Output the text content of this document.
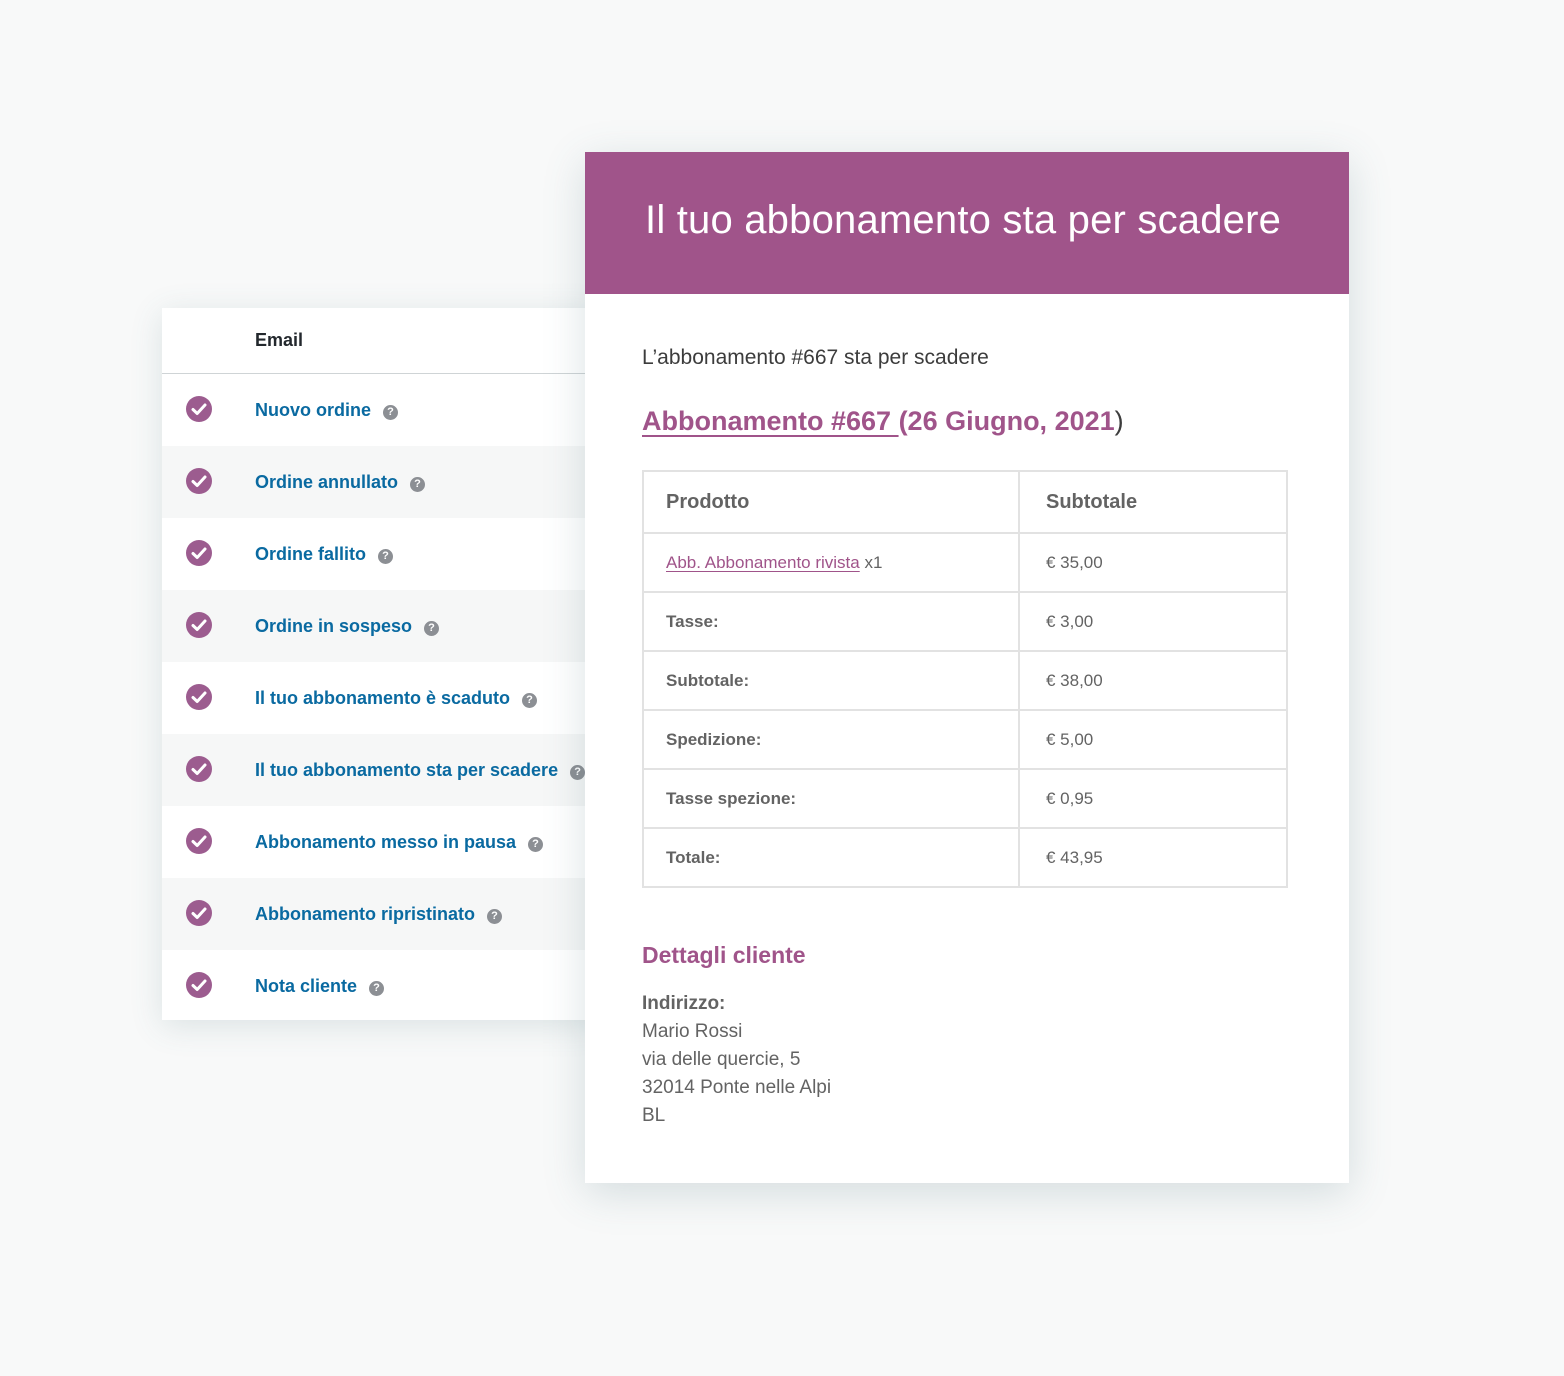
Email
Nuovo ordine ?
Ordine annullato ?
Ordine fallito ?
Ordine in sospeso ?
Il tuo abbonamento è scaduto ?
Il tuo abbonamento sta per scadere ?
Abbonamento messo in pausa ?
Abbonamento ripristinato ?
Nota cliente ?
Il tuo abbonamento sta per scadere
L’abbonamento #667 sta per scadere
Abbonamento #667 (26 Giugno, 2021)
Prodotto	Subtotale
Abb. Abbonamento rivista x1	€ 35,00
Tasse:	€ 3,00
Subtotale:	€ 38,00
Spedizione:	€ 5,00
Tasse spezione:	€ 0,95
Totale:	€ 43,95
Dettagli cliente
Indirizzo:
Mario Rossi
via delle quercie, 5
32014 Ponte nelle Alpi
BL
